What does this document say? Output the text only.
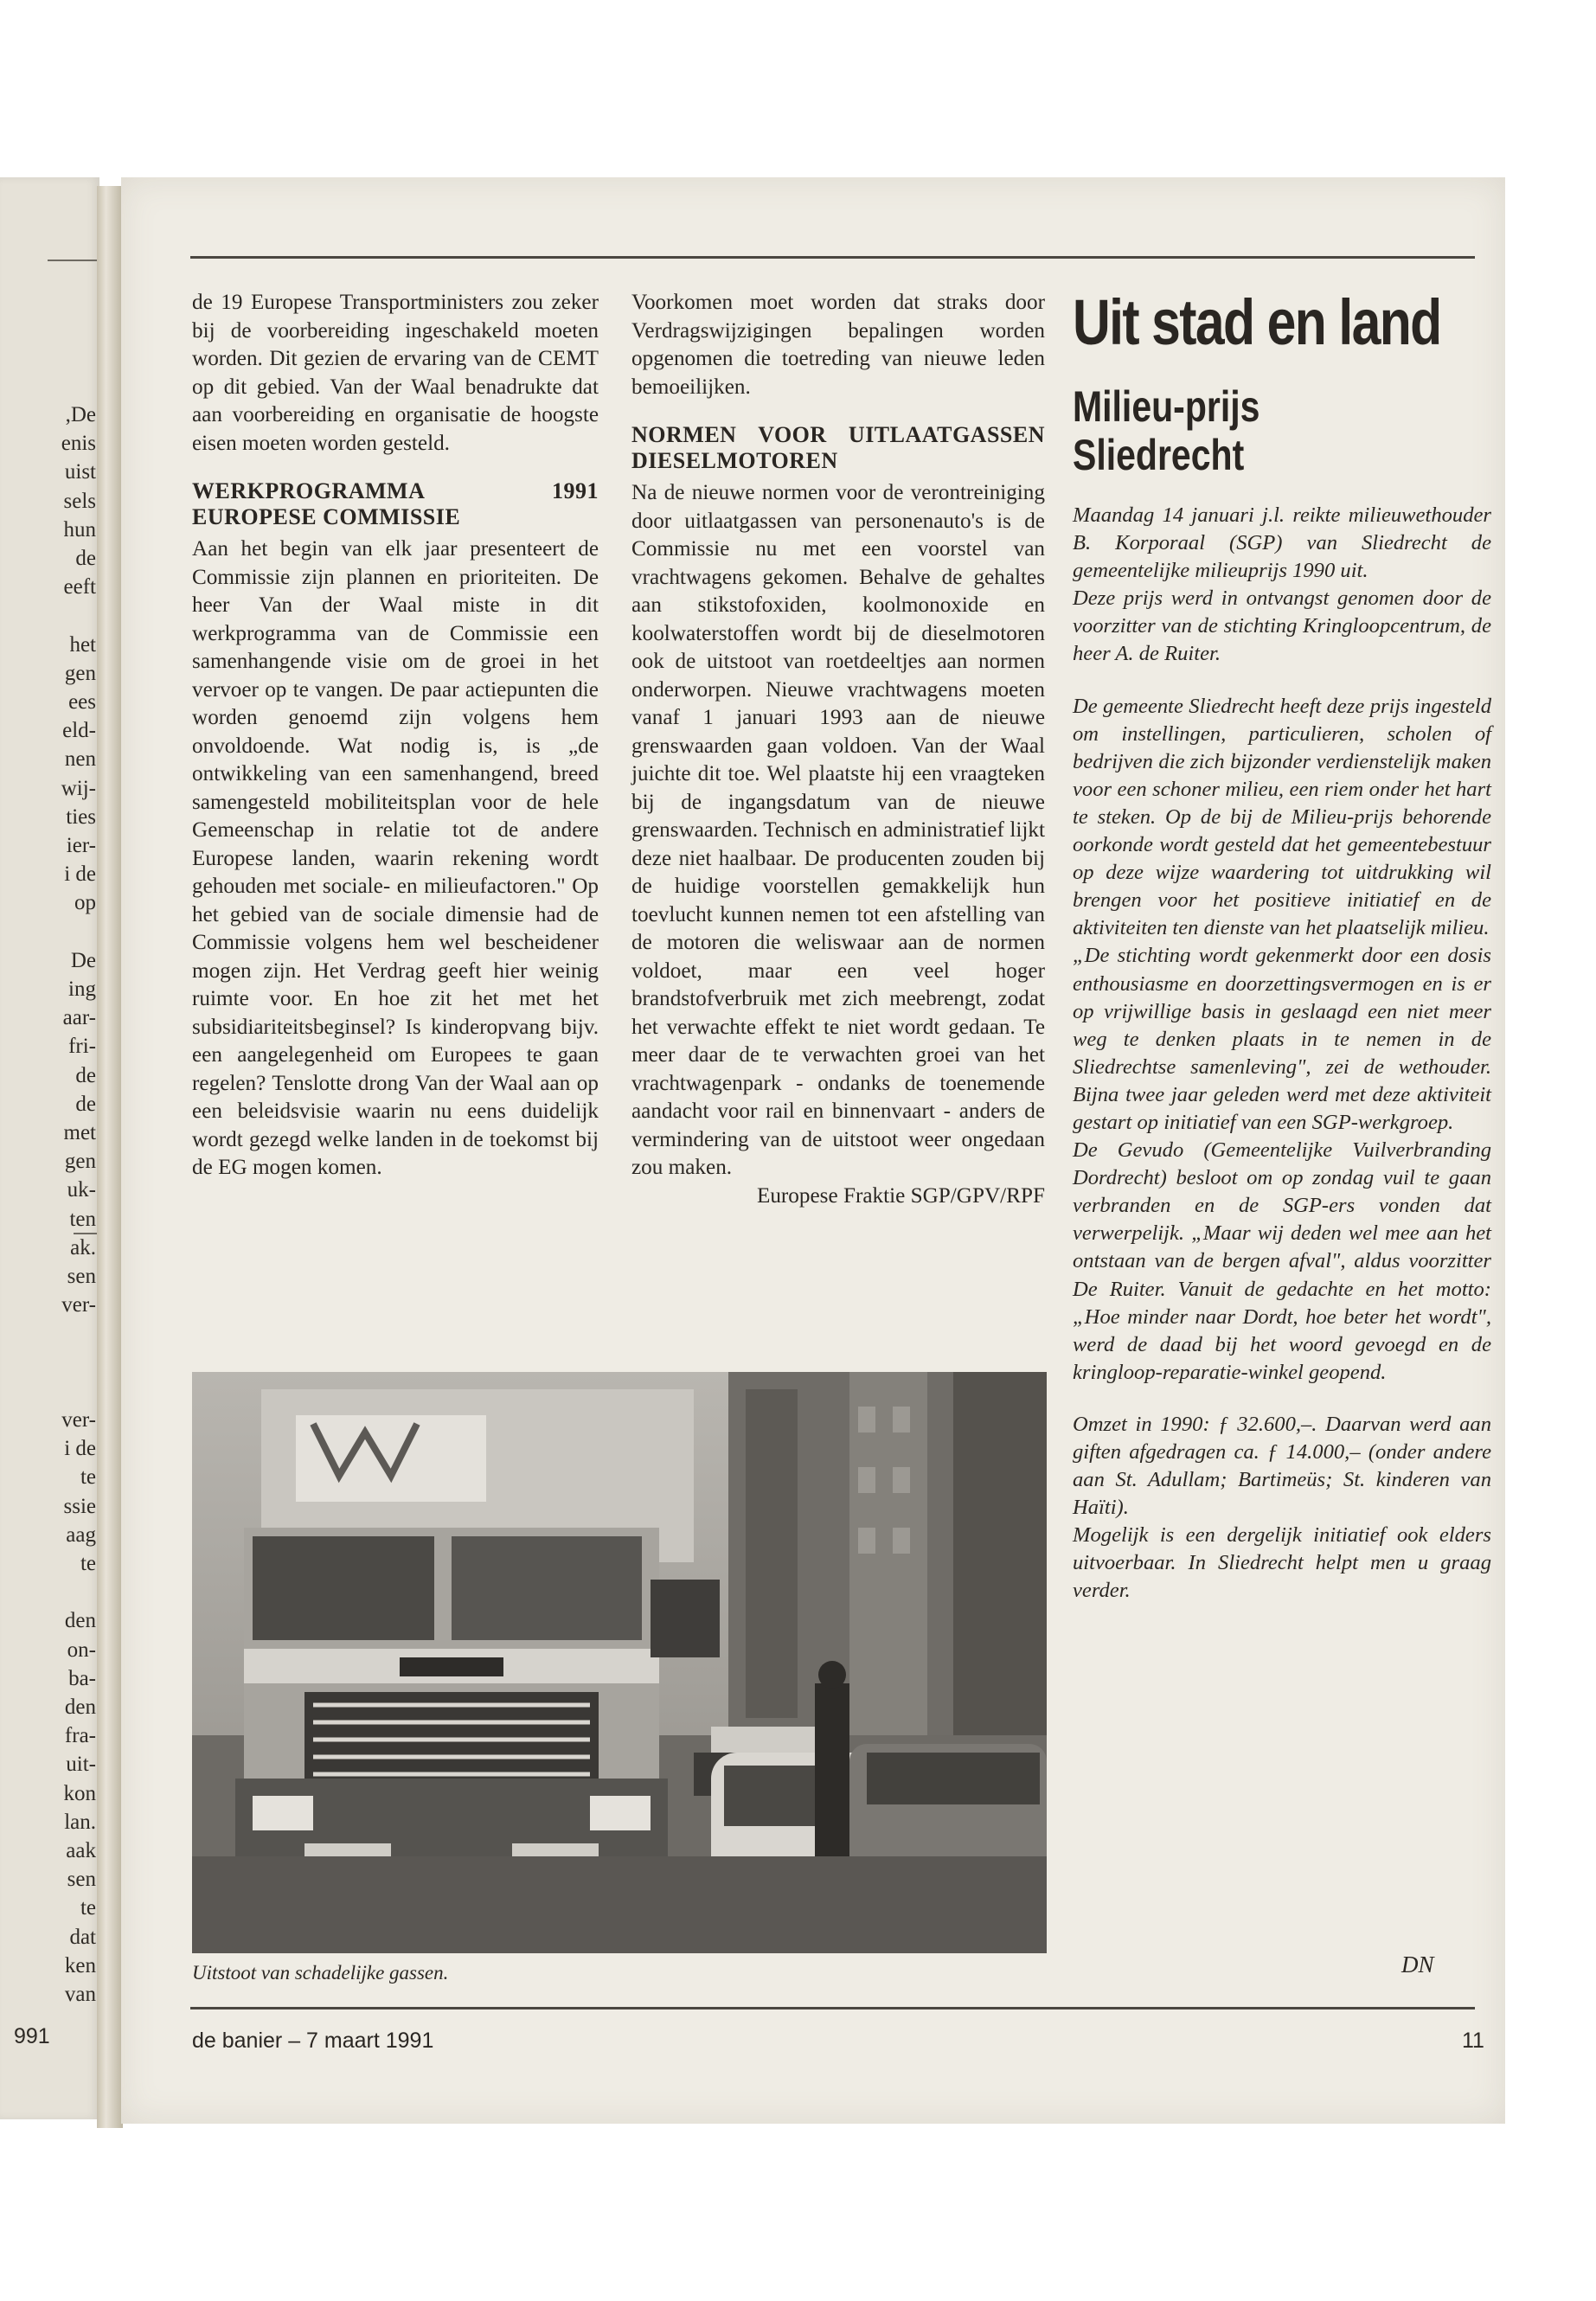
,De
enis
uist
sels
hun
de
eeft
het
gen
ees
eld-
nen
wij-
ties
ier-
i de
op
De
ing
aar-
fri-
de
de
met
gen
uk-
ten
ak.
sen
ver-
ver-
i de
te
ssie
aag
te
den
on-
ba-
den
fra-
uit-
kon
lan.
aak
sen
te
dat
ken
van
991

de 19 Europese Transportministers zou zeker bij de voorbereiding ingeschakeld moeten worden. Dit gezien de ervaring van de CEMT op dit gebied. Van der Waal benadrukte dat aan voorbereiding en organisatie de hoogste eisen moeten worden gesteld.

WERKPROGRAMMA 1991 EUROPESE COMMISSIE

Aan het begin van elk jaar presenteert de Commissie zijn plannen en prioriteiten. De heer Van der Waal miste in dit werkprogramma van de Commissie een samenhangende visie om de groei in het vervoer op te vangen. De paar actiepunten die worden genoemd zijn volgens hem onvoldoende. Wat nodig is, is „de ontwikkeling van een samenhangend, breed samengesteld mobiliteitsplan voor de hele Gemeenschap in relatie tot de andere Europese landen, waarin rekening wordt gehouden met sociale- en milieufactoren." Op het gebied van de sociale dimensie had de Commissie volgens hem wel bescheidener mogen zijn. Het Verdrag geeft hier weinig ruimte voor. En hoe zit het met het subsidiariteitsbeginsel? Is kinderopvang bijv. een aangelegenheid om Europees te gaan regelen? Tenslotte drong Van der Waal aan op een beleidsvisie waarin nu eens duidelijk wordt gezegd welke landen in de toekomst bij de EG mogen komen.

Voorkomen moet worden dat straks door Verdragswijzigingen bepalingen worden opgenomen die toetreding van nieuwe leden bemoeilijken.

NORMEN VOOR UITLAATGASSEN DIESELMOTOREN

Na de nieuwe normen voor de verontreiniging door uitlaatgassen van personenauto's is de Commissie nu met een voorstel van vrachtwagens gekomen. Behalve de gehaltes aan stikstofoxiden, koolmonoxide en koolwaterstoffen wordt bij de dieselmotoren ook de uitstoot van roetdeeltjes aan normen onderworpen. Nieuwe vrachtwagens moeten vanaf 1 januari 1993 aan de nieuwe grenswaarden gaan voldoen. Van der Waal juichte dit toe. Wel plaatste hij een vraagteken bij de ingangsdatum van de nieuwe grenswaarden. Technisch en administratief lijkt deze niet haalbaar. De producenten zouden bij de huidige voorstellen gemakkelijk hun toevlucht kunnen nemen tot een afstelling van de motoren die weliswaar aan de normen voldoet, maar een veel hoger brandstofverbruik met zich meebrengt, zodat het verwachte effekt te niet wordt gedaan. Te meer daar de te verwachten groei van het vrachtwagenpark - ondanks de toenemende aandacht voor rail en binnenvaart - anders de vermindering van de uitstoot weer ongedaan zou maken.

Europese Fraktie SGP/GPV/RPF

Uit stad en land
Milieu-prijs
Sliedrecht

Maandag 14 januari j.l. reikte milieuwethouder B. Korporaal (SGP) van Sliedrecht de gemeentelijke milieuprijs 1990 uit.

Deze prijs werd in ontvangst genomen door de voorzitter van de stichting Kringloopcentrum, de heer A. de Ruiter.

De gemeente Sliedrecht heeft deze prijs ingesteld om instellingen, particulieren, scholen of bedrijven die zich bijzonder verdienstelijk maken voor een schoner milieu, een riem onder het hart te steken. Op de bij de Milieu-prijs behorende oorkonde wordt gesteld dat het gemeentebestuur op deze wijze waardering tot uitdrukking wil brengen voor het positieve initiatief en de aktiviteiten ten dienste van het plaatselijk milieu.

„De stichting wordt gekenmerkt door een dosis enthousiasme en doorzettingsvermogen en is er op vrijwillige basis in geslaagd een niet meer weg te denken plaats in te nemen in de Sliedrechtse samenleving", zei de wethouder. Bijna twee jaar geleden werd met deze aktiviteit gestart op initiatief van een SGP-werkgroep.

De Gevudo (Gemeentelijke Vuilverbranding Dordrecht) besloot om op zondag vuil te gaan verbranden en de SGP-ers vonden dat verwerpelijk. „Maar wij deden wel mee aan het ontstaan van de bergen afval", aldus voorzitter De Ruiter. Vanuit de gedachte en het motto: „Hoe minder naar Dordt, hoe beter het wordt", werd de daad bij het woord gevoegd en de kringloop-reparatie-winkel geopend.

Omzet in 1990: ƒ 32.600,–. Daarvan werd aan giften afgedragen ca. ƒ 14.000,– (onder andere aan St. Adullam; Bartimeüs; St. kinderen van Haïti).

Mogelijk is een dergelijk initiatief ook elders uitvoerbaar. In Sliedrecht helpt men u graag verder.

DN
Uitstoot van schadelijke gassen.
de banier – 7 maart 1991	11
